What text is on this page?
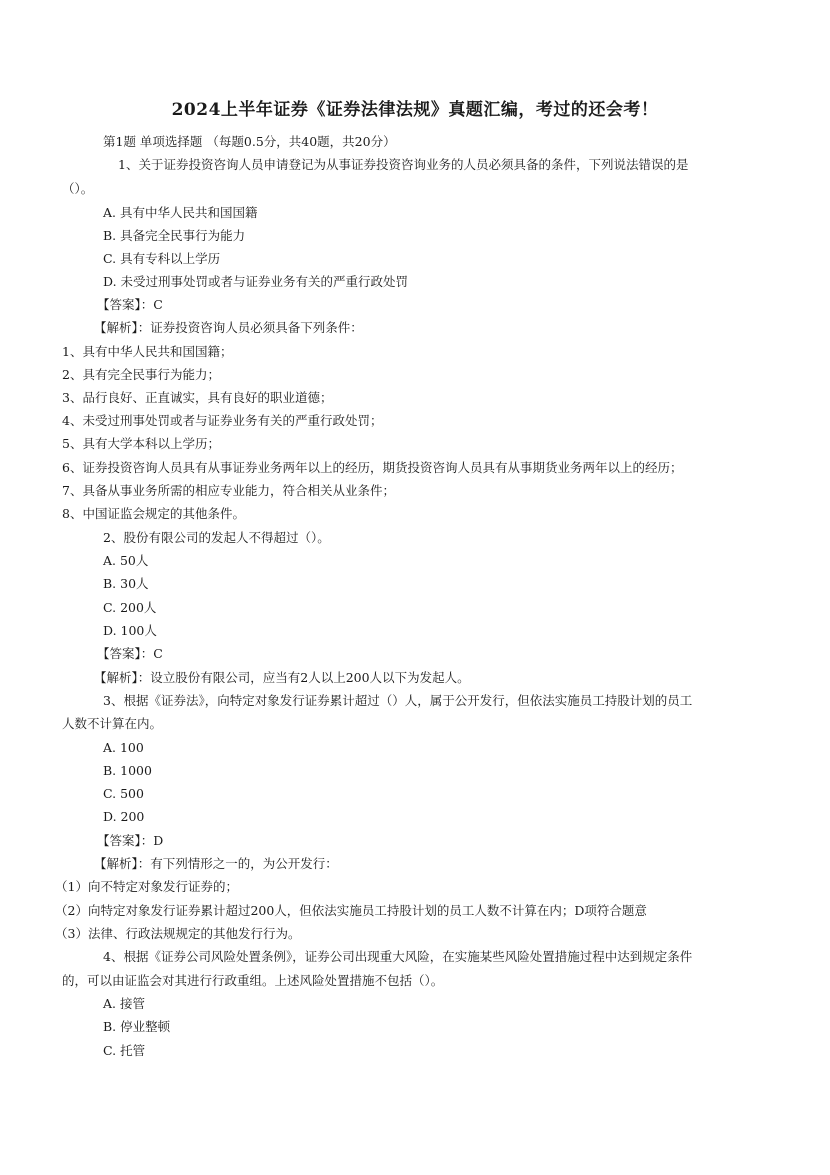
2024上半年证券《证券法律法规》真题汇编，考过的还会考！
第1题 单项选择题 （每题0.5分，共40题，共20分）
1、关于证券投资咨询人员申请登记为从事证券投资咨询业务的人员必须具备的条件，下列说法错误的是
（）。
A. 具有中华人民共和国国籍
B. 具备完全民事行为能力
C. 具有专科以上学历
D. 未受过刑事处罚或者与证券业务有关的严重行政处罚
【答案】：C
【解析】：证券投资咨询人员必须具备下列条件：
1、具有中华人民共和国国籍；
2、具有完全民事行为能力；
3、品行良好、正直诚实，具有良好的职业道德；
4、未受过刑事处罚或者与证券业务有关的严重行政处罚；
5、具有大学本科以上学历；
6、证券投资咨询人员具有从事证券业务两年以上的经历，期货投资咨询人员具有从事期货业务两年以上的经历；
7、具备从事业务所需的相应专业能力，符合相关从业条件；
8、中国证监会规定的其他条件。
2、股份有限公司的发起人不得超过（）。
A. 50人
B. 30人
C. 200人
D. 100人
【答案】：C
【解析】：设立股份有限公司，应当有2人以上200人以下为发起人。
3、根据《证券法》，向特定对象发行证券累计超过（）人，属于公开发行，但依法实施员工持股计划的员工
人数不计算在内。
A. 100
B. 1000
C. 500
D. 200
【答案】：D
【解析】：有下列情形之一的，为公开发行：
（1）向不特定对象发行证券的；
（2）向特定对象发行证券累计超过200人，但依法实施员工持股计划的员工人数不计算在内；D项符合题意
（3）法律、行政法规规定的其他发行行为。
4、根据《证券公司风险处置条例》，证券公司出现重大风险，在实施某些风险处置措施过程中达到规定条件
的，可以由证监会对其进行行政重组。上述风险处置措施不包括（）。
A. 接管
B. 停业整顿
C. 托管
